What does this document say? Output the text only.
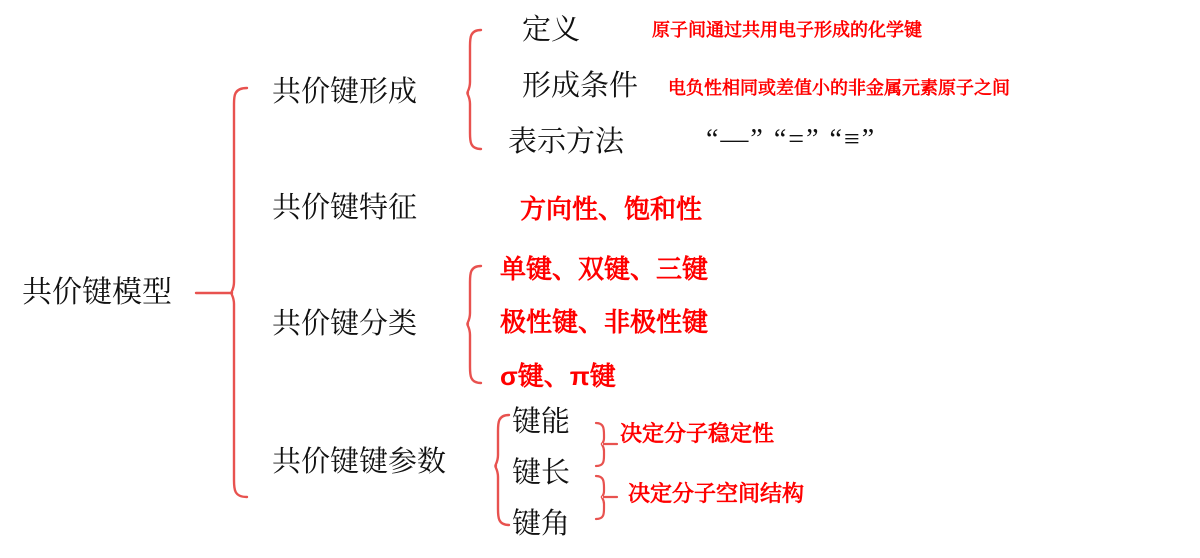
共价键模型
共价键形成
定义	原子间通过共用电子形成的化学键
形成条件 电负性相同或差值小的非金属元素原子之间
表示方法	“—” “=” “≡”
共价键特征	方向性、饱和性
共价键分类
单键、双键、三键
极性键、非极性键
σ键、π键
共价键键参数
键能
键长
键角
决定分子稳定性
决定分子空间结构
